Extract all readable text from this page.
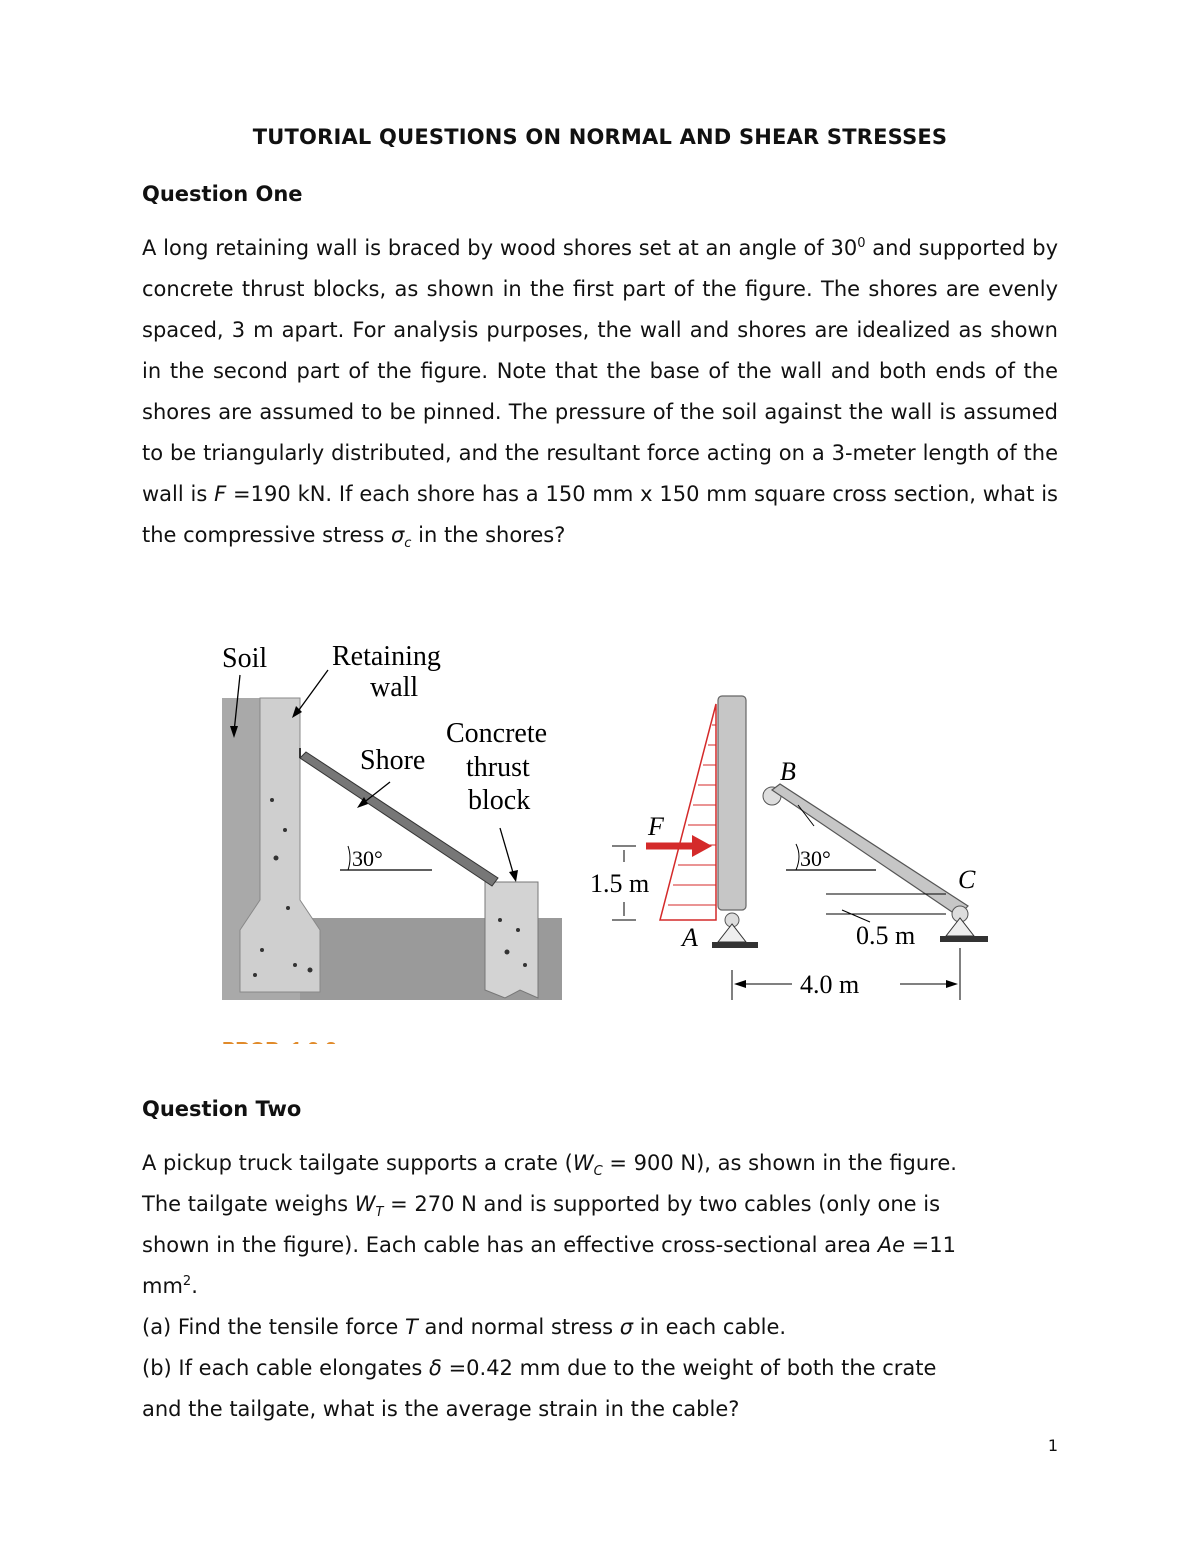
TUTORIAL QUESTIONS ON NORMAL AND SHEAR STRESSES
Question One

A long retaining wall is braced by wood shores set at an angle of $30^0$ and supported by concrete thrust blocks, as shown in the first part of the figure. The shores are evenly spaced, 3 m apart. For analysis purposes, the wall and shores are idealized as shown in the second part of the figure. Note that the base of the wall and both ends of the shores are assumed to be pinned. The pressure of the soil against the wall is assumed to be triangularly distributed, and the resultant force acting on a 3-meter length of the wall is F =190 kN. If each shore has a 150 mm x 150 mm square cross section, what is the compressive stress $\sigma_c$ in the shores?

30°
Soil Retaining
wall
Concrete
thrust
block
Shore
F
1.5 m
A
B
C
30°
0.5 m
4.0 m
Question Two
A pickup truck tailgate supports a crate ($W_C = 900$ N), as shown in the figure.
The tailgate weighs $W_T = 270$ N and is supported by two cables (only one is
shown in the figure). Each cable has an effective cross-sectional area Ae =11
$mm^2$.
(a) Find the tensile force T and normal stress σ in each cable.
(b) If each cable elongates δ =0.42 mm due to the weight of both the crate
and the tailgate, what is the average strain in the cable?
1
